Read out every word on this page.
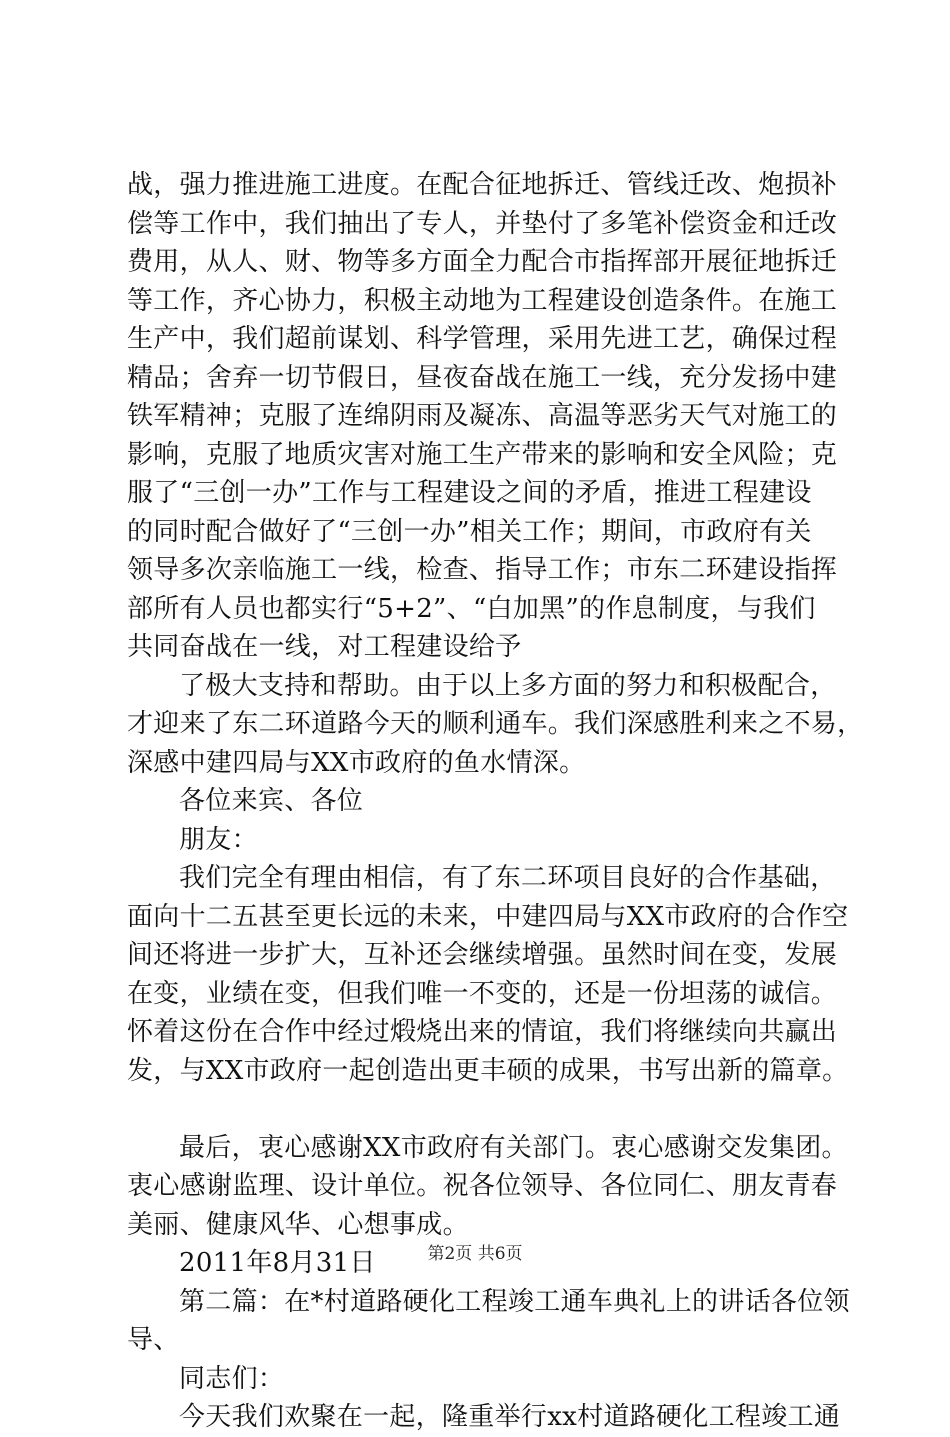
战，强力推进施工进度。在配合征地拆迁、管线迁改、炮损补
偿等工作中，我们抽出了专人，并垫付了多笔补偿资金和迁改
费用，从人、财、物等多方面全力配合市指挥部开展征地拆迁
等工作，齐心协力，积极主动地为工程建设创造条件。在施工
生产中，我们超前谋划、科学管理，采用先进工艺，确保过程
精品；舍弃一切节假日，昼夜奋战在施工一线，充分发扬中建
铁军精神；克服了连绵阴雨及凝冻、高温等恶劣天气对施工的
影响，克服了地质灾害对施工生产带来的影响和安全风险；克
服了“三创一办”工作与工程建设之间的矛盾，推进工程建设
的同时配合做好了“三创一办”相关工作；期间，市政府有关
领导多次亲临施工一线，检查、指导工作；市东二环建设指挥
部所有人员也都实行“5+2”、“白加黑”的作息制度，与我们
共同奋战在一线，对工程建设给予
了极大支持和帮助。由于以上多方面的努力和积极配合，
才迎来了东二环道路今天的顺利通车。我们深感胜利来之不易，
深感中建四局与XX市政府的鱼水情深。
各位来宾、各位
朋友：
我们完全有理由相信，有了东二环项目良好的合作基础，
面向十二五甚至更长远的未来，中建四局与XX市政府的合作空
间还将进一步扩大，互补还会继续增强。虽然时间在变，发展
在变，业绩在变，但我们唯一不变的，还是一份坦荡的诚信。
怀着这份在合作中经过煅烧出来的情谊，我们将继续向共赢出
发，与XX市政府一起创造出更丰硕的成果，书写出新的篇章。
最后，衷心感谢XX市政府有关部门。衷心感谢交发集团。
衷心感谢监理、设计单位。祝各位领导、各位同仁、朋友青春
美丽、健康风华、心想事成。
2011年8月31日
第二篇：在*村道路硬化工程竣工通车典礼上的讲话各位领
导、
同志们：
今天我们欢聚在一起，隆重举行xx村道路硬化工程竣工通
第2页 共6页
